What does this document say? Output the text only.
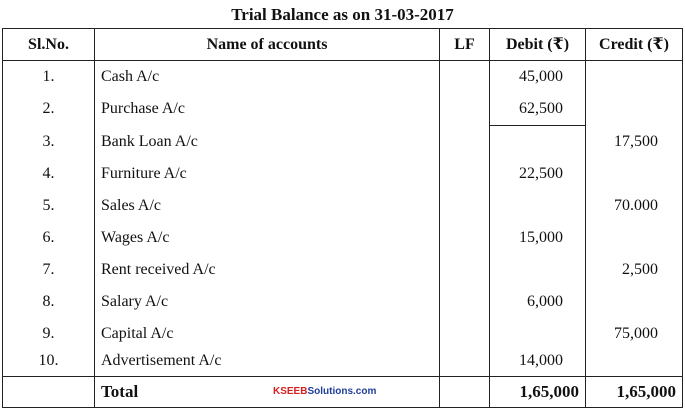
Trial Balance as on 31-03-2017
Sl.No.	Name of accounts	LF	Debit (₹)	Credit (₹)
1.	Cash A/c		45,000	
2.	Purchase A/c		62,500	
3.	Bank Loan A/c			17,500
4.	Furniture A/c		22,500	
5.	Sales A/c			70.000
6.	Wages A/c		15,000	
7.	Rent received A/c			2,500
8.	Salary A/c		6,000	
9.	Capital A/c			75,000
10.	Advertisement A/c		14,000	
	Total KSEEBSolutions.com		1,65,000	1,65,000
